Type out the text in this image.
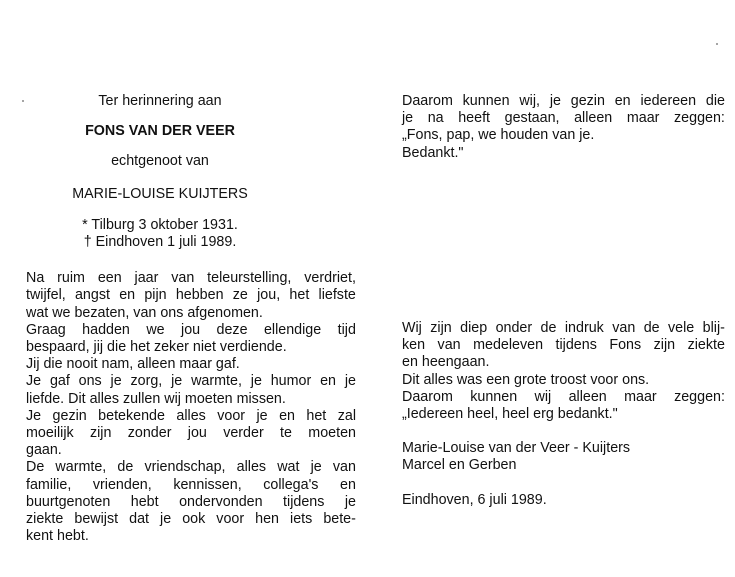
Ter herinnering aan

FONS VAN DER VEER

echtgenoot van

MARIE-LOUISE KUIJTERS

* Tilburg 3 oktober 1931.
† Eindhoven 1 juli 1989.
Na ruim een jaar van teleurstelling, verdriet,
twijfel, angst en pijn hebben ze jou, het liefste
wat we bezaten, van ons afgenomen.
Graag hadden we jou deze ellendige tijd
bespaard, jij die het zeker niet verdiende.
Jij die nooit nam, alleen maar gaf.
Je gaf ons je zorg, je warmte, je humor en je
liefde. Dit alles zullen wij moeten missen.
Je gezin betekende alles voor je en het zal
moeilijk zijn zonder jou verder te moeten
gaan.
De warmte, de vriendschap, alles wat je van
familie, vrienden, kennissen, collega's en
buurtgenoten hebt ondervonden tijdens je
ziekte bewijst dat je ook voor hen iets bete-
kent hebt.
Daarom kunnen wij, je gezin en iedereen die
je na heeft gestaan, alleen maar zeggen:
„Fons, pap, we houden van je.
Bedankt."
Wij zijn diep onder de indruk van de vele blij-
ken van medeleven tijdens Fons zijn ziekte
en heengaan.
Dit alles was een grote troost voor ons.
Daarom kunnen wij alleen maar zeggen:
„Iedereen heel, heel erg bedankt."
Marie-Louise van der Veer - Kuijters
Marcel en Gerben
Eindhoven, 6 juli 1989.
